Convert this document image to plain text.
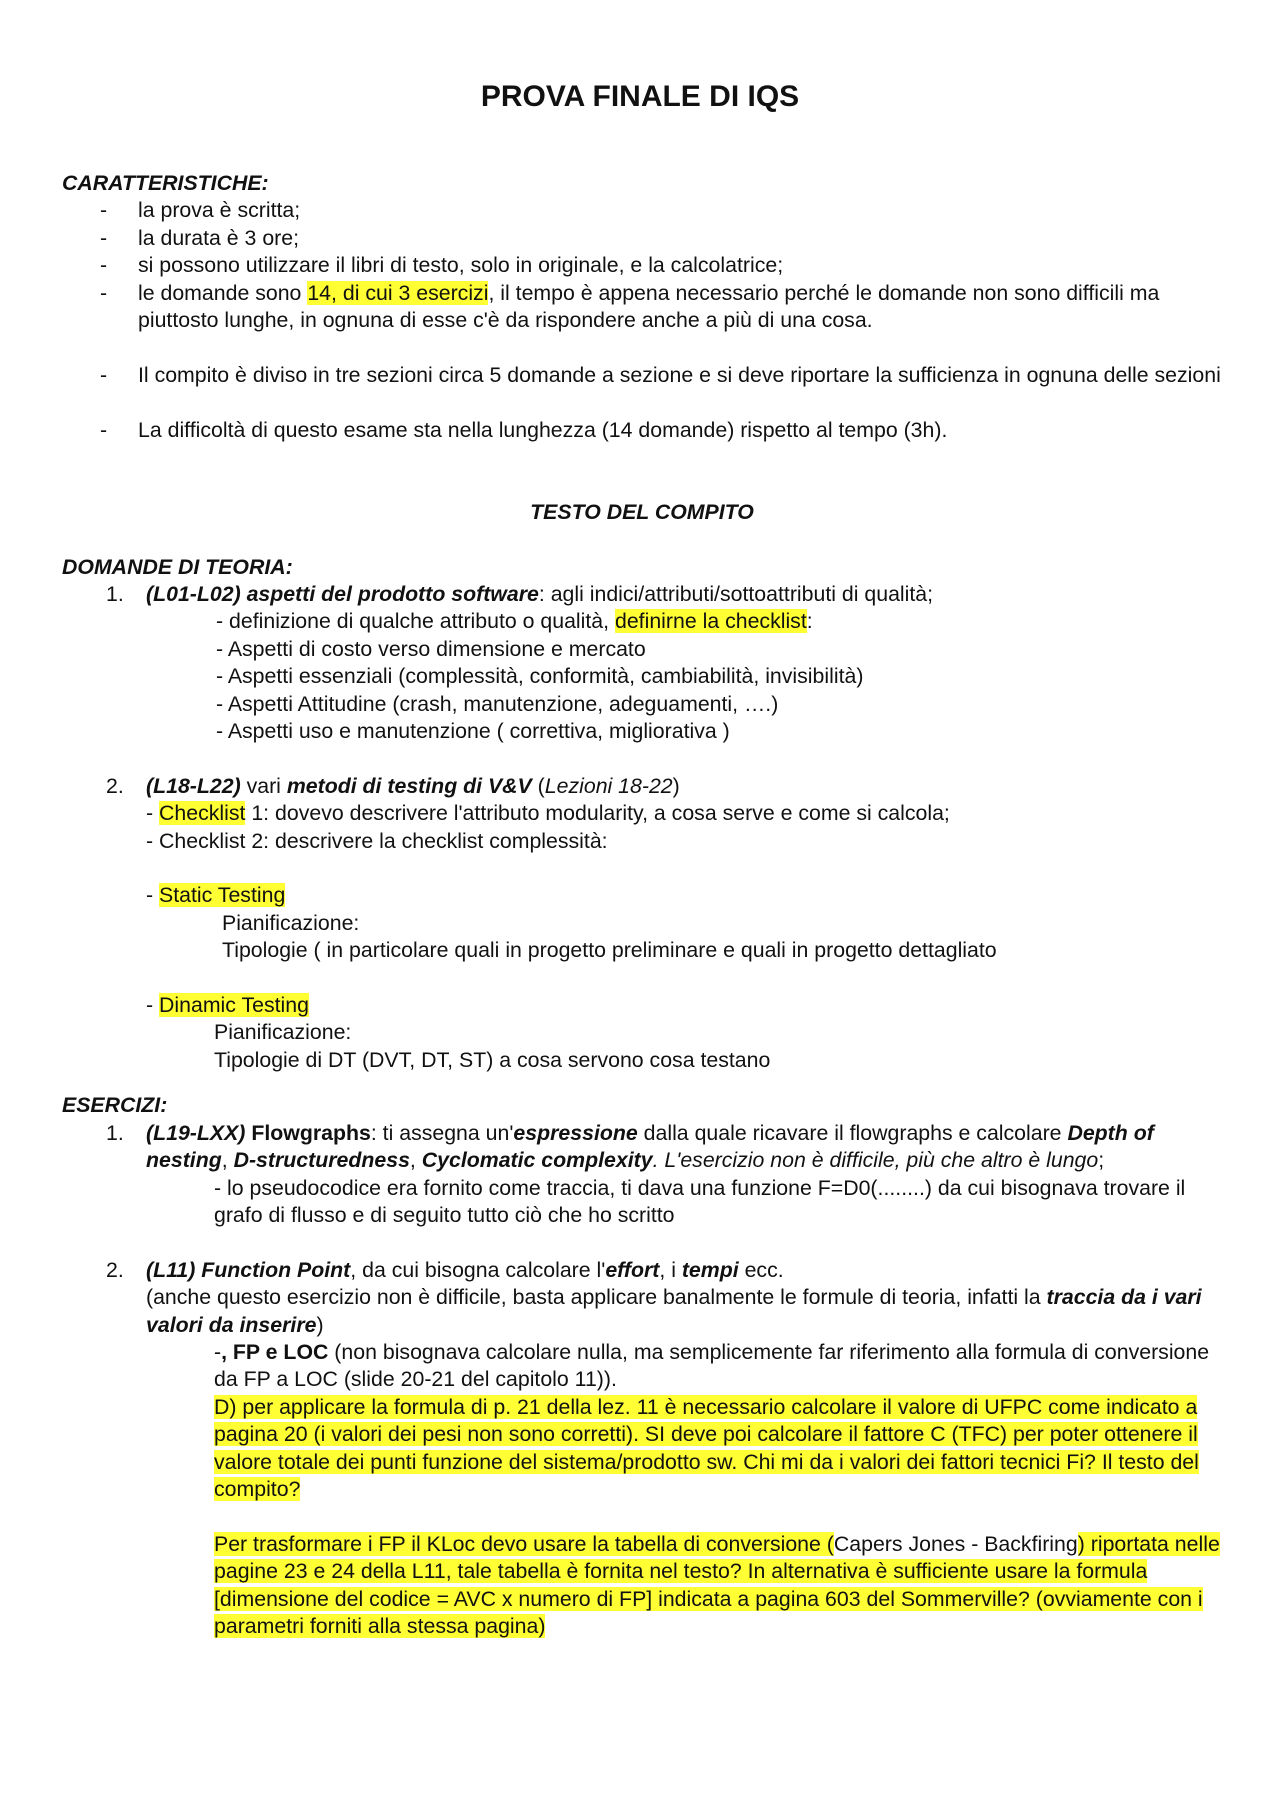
PROVA FINALE DI IQS
CARATTERISTICHE:
- la prova è scritta;
- la durata è 3 ore;
- si possono utilizzare il libri di testo, solo in originale, e la calcolatrice;
- le domande sono 14, di cui 3 esercizi, il tempo è appena necessario perché le domande non sono difficili ma piuttosto lunghe, in ognuna di esse c'è da rispondere anche a più di una cosa.
- Il compito è diviso in tre sezioni circa 5 domande a sezione e si deve riportare la sufficienza in ognuna delle sezioni
- La difficoltà di questo esame sta nella lunghezza (14 domande) rispetto al tempo (3h).
TESTO DEL COMPITO
DOMANDE DI TEORIA:
1. (L01-L02) aspetti del prodotto software: agli indici/attributi/sottoattributi di qualità;
- definizione di qualche attributo o qualità, definirne la checklist:
- Aspetti di costo verso dimensione e mercato
- Aspetti essenziali (complessità, conformità, cambiabilità, invisibilità)
- Aspetti Attitudine (crash, manutenzione, adeguamenti, ….)
- Aspetti uso e manutenzione ( correttiva, migliorativa )
2. (L18-L22) vari metodi di testing di V&V (Lezioni 18-22)
- Checklist 1: dovevo descrivere l'attributo modularity, a cosa serve e come si calcola;
- Checklist 2: descrivere la checklist complessità:
- Static Testing
Pianificazione:
Tipologie ( in particolare quali in progetto preliminare e quali in progetto dettagliato
- Dinamic Testing
Pianificazione:
Tipologie di DT (DVT, DT, ST) a cosa servono cosa testano
ESERCIZI:
1. (L19-LXX) Flowgraphs: ti assegna un'espressione dalla quale ricavare il flowgraphs e calcolare Depth of nesting, D-structuredness, Cyclomatic complexity. L'esercizio non è difficile, più che altro è lungo;
- lo pseudocodice era fornito come traccia, ti dava una funzione F=D0(........) da cui bisognava trovare il grafo di flusso e di seguito tutto ciò che ho scritto
2. (L11) Function Point, da cui bisogna calcolare l'effort, i tempi ecc.
(anche questo esercizio non è difficile, basta applicare banalmente le formule di teoria, infatti la traccia da i vari valori da inserire)
-, FP e LOC (non bisognava calcolare nulla, ma semplicemente far riferimento alla formula di conversione da FP a LOC (slide 20-21 del capitolo 11)).
D) per applicare la formula di p. 21 della lez. 11 è necessario calcolare il valore di UFPC come indicato a pagina 20 (i valori dei pesi non sono corretti). SI deve poi calcolare il fattore C (TFC) per poter ottenere il valore totale dei punti funzione del sistema/prodotto sw. Chi mi da i valori dei fattori tecnici Fi? Il testo del compito?
Per trasformare i FP il KLoc devo usare la tabella di conversione (Capers Jones - Backfiring) riportata nelle pagine 23 e 24 della L11, tale tabella è fornita nel testo? In alternativa è sufficiente usare la formula [dimensione del codice = AVC x numero di FP] indicata a pagina 603 del Sommerville? (ovviamente con i parametri forniti alla stessa pagina)
